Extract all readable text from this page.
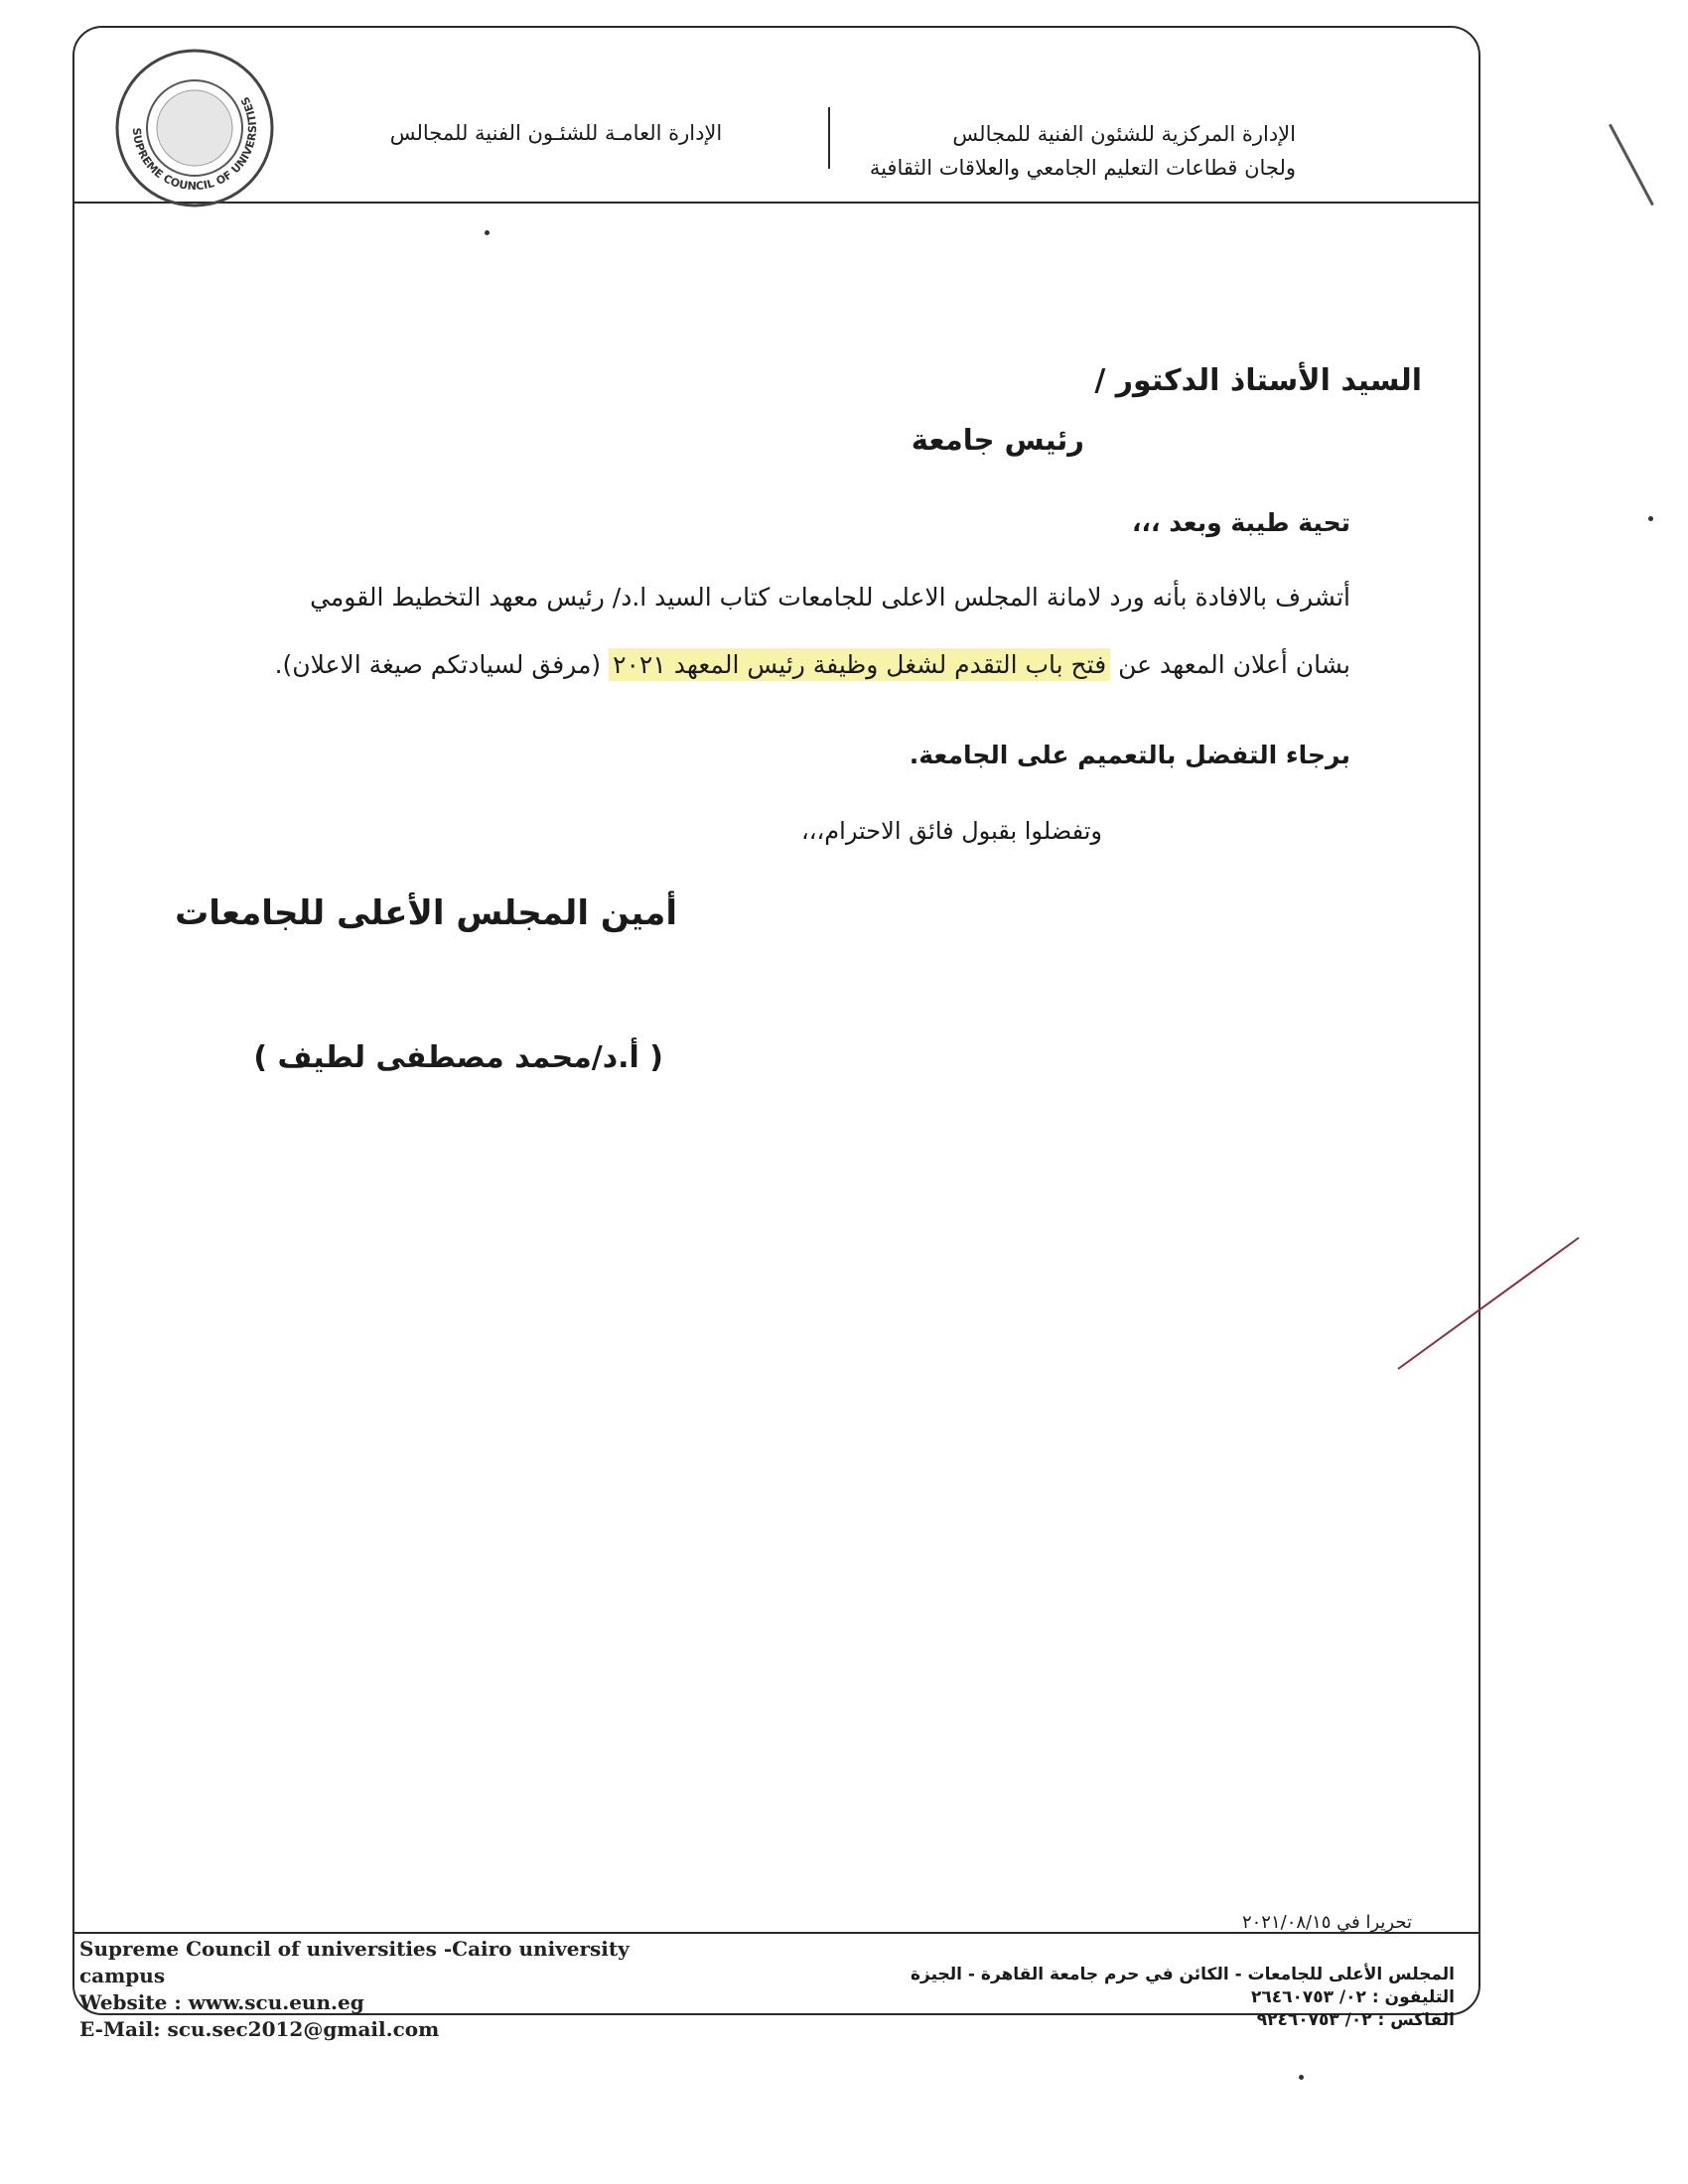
SUPREME COUNCIL OF UNIVERSITIES
الإدارة المركزية للشئون الفنية للمجالس
ولجان قطاعات التعليم الجامعي والعلاقات الثقافية
الإدارة العامـة للشئـون الفنية للمجالس
السيد الأستاذ الدكتور /
رئيس جامعة
تحية طيبة وبعد ،،،
أتشرف بالافادة بأنه ورد لامانة المجلس الاعلى للجامعات كتاب السيد ا.د/ رئيس معهد التخطيط القومي
بشان أعلان المعهد عن فتح باب التقدم لشغل وظيفة رئيس المعهد ٢٠٢١ (مرفق لسيادتكم صيغة الاعلان).
برجاء التفضل بالتعميم على الجامعة.
وتفضلوا بقبول فائق الاحترام،،،
أمين المجلس الأعلى للجامعات
( أ.د/محمد مصطفى لطيف )
تحريرا في ٢٠٢١/٠٨/١٥
Supreme Council of universities -Cairo university campus
Website : www.scu.eun.eg
E-Mail: scu.sec2012@gmail.com
المجلس الأعلى للجامعات - الكائن في حرم جامعة القاهرة - الجيزة
التليفون : ٠٢/ ٢٦٤٦٠٧٥٣
الفاكس : ٠٢/ ٩٢٤٦٠٧٥٣
